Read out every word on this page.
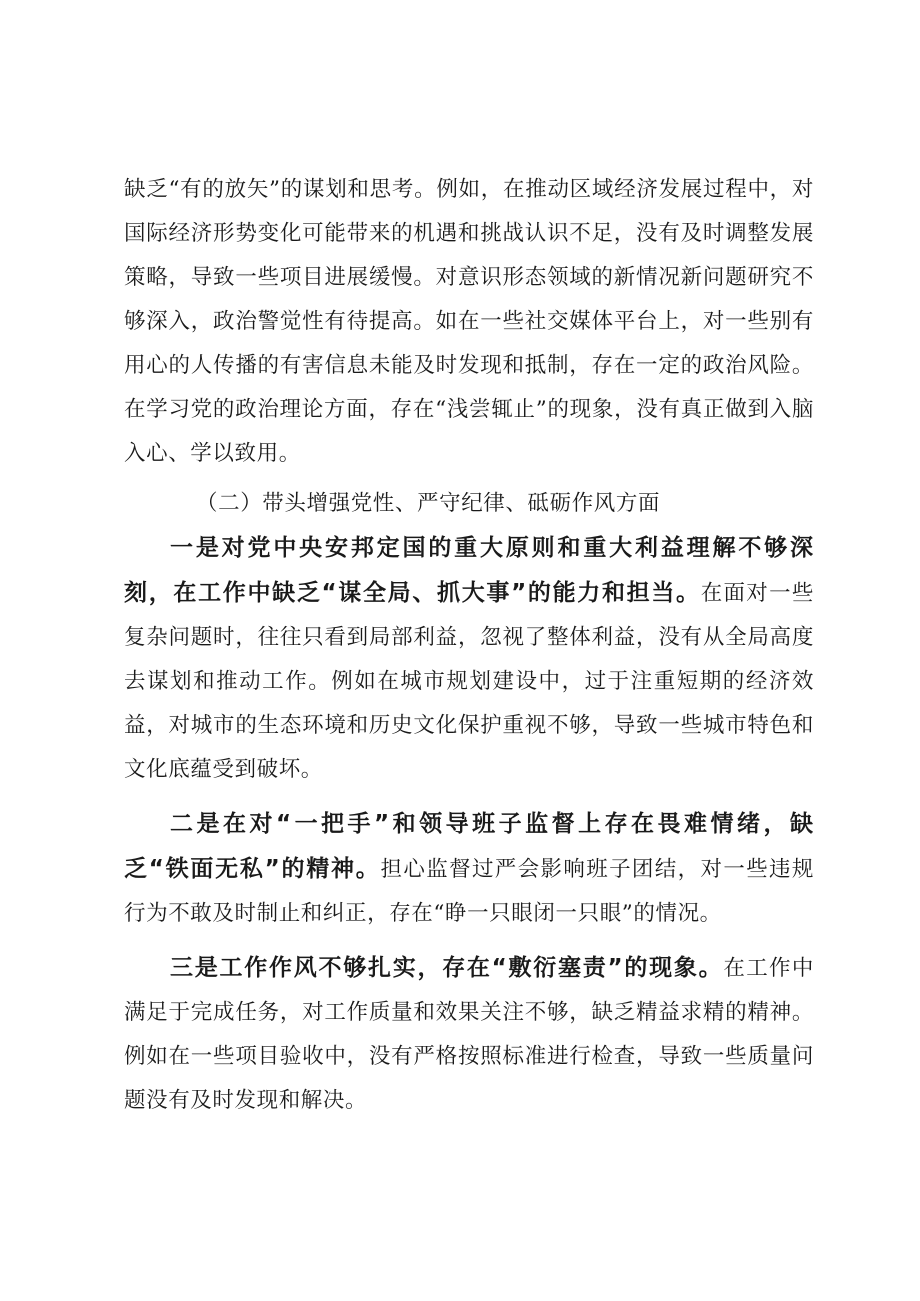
缺乏“有的放矢”的谋划和思考。例如，在推动区域经济发展过程中，对国际经济形势变化可能带来的机遇和挑战认识不足，没有及时调整发展策略，导致一些项目进展缓慢。对意识形态领域的新情况新问题研究不够深入，政治警觉性有待提高。如在一些社交媒体平台上，对一些别有用心的人传播的有害信息未能及时发现和抵制，存在一定的政治风险。在学习党的政治理论方面，存在“浅尝辄止”的现象，没有真正做到入脑入心、学以致用。

（二）带头增强党性、严守纪律、砥砺作风方面

一是对党中央安邦定国的重大原则和重大利益理解不够深刻，在工作中缺乏“谋全局、抓大事”的能力和担当。在面对一些复杂问题时，往往只看到局部利益，忽视了整体利益，没有从全局高度去谋划和推动工作。例如在城市规划建设中，过于注重短期的经济效益，对城市的生态环境和历史文化保护重视不够，导致一些城市特色和文化底蕴受到破坏。

二是在对“一把手”和领导班子监督上存在畏难情绪，缺乏“铁面无私”的精神。担心监督过严会影响班子团结，对一些违规行为不敢及时制止和纠正，存在“睁一只眼闭一只眼”的情况。

三是工作作风不够扎实，存在“敷衍塞责”的现象。在工作中满足于完成任务，对工作质量和效果关注不够，缺乏精益求精的精神。例如在一些项目验收中，没有严格按照标准进行检查，导致一些质量问题没有及时发现和解决。
